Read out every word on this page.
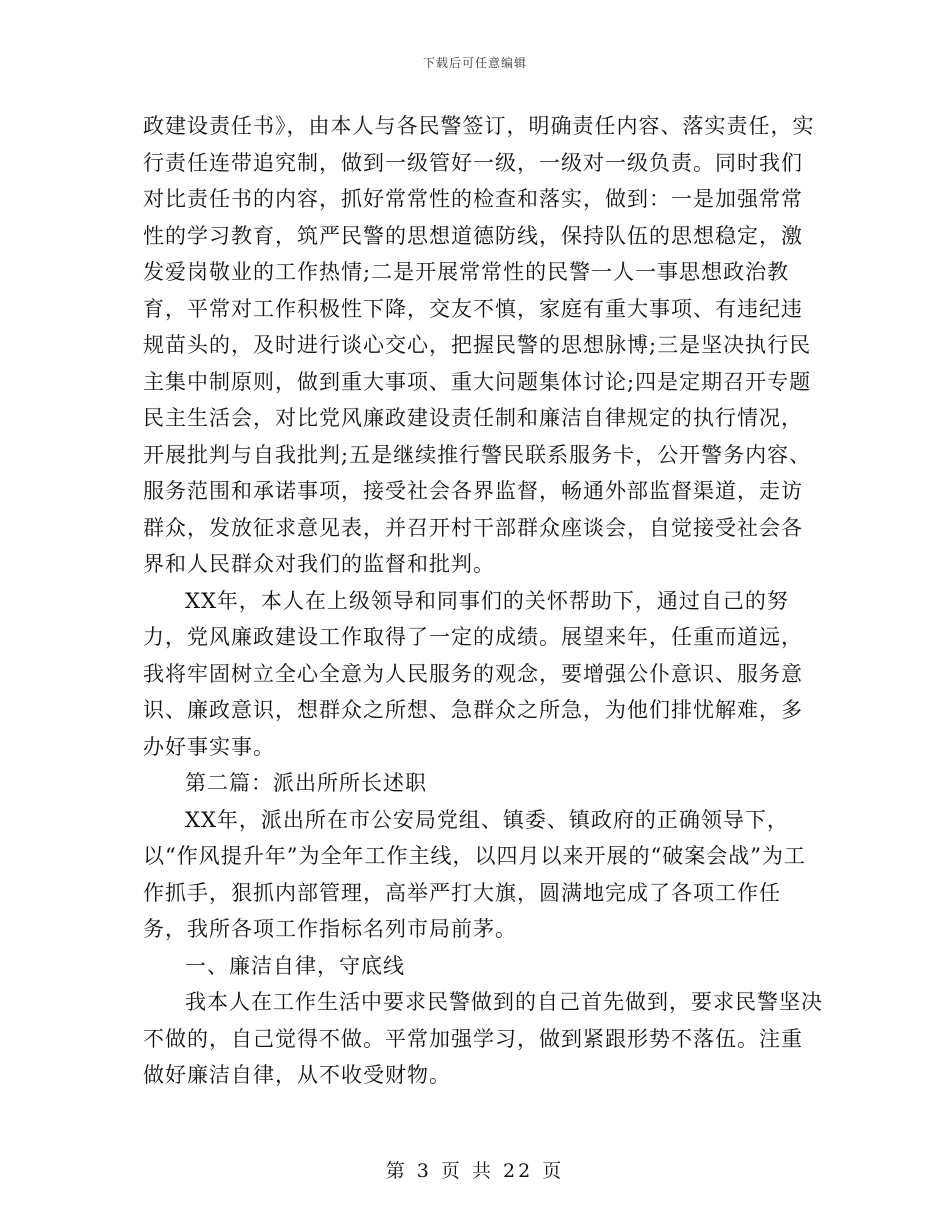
下载后可任意编辑

政建设责任书》，由本人与各民警签订，明确责任内容、落实责任，实行责任连带追究制，做到一级管好一级，一级对一级负责。同时我们对比责任书的内容，抓好常常性的检查和落实，做到：一是加强常常性的学习教育，筑严民警的思想道德防线，保持队伍的思想稳定，激发爱岗敬业的工作热情;二是开展常常性的民警一人一事思想政治教育，平常对工作积极性下降，交友不慎，家庭有重大事项、有违纪违规苗头的，及时进行谈心交心，把握民警的思想脉博;三是坚决执行民主集中制原则，做到重大事项、重大问题集体讨论;四是定期召开专题民主生活会，对比党风廉政建设责任制和廉洁自律规定的执行情况，开展批判与自我批判;五是继续推行警民联系服务卡，公开警务内容、服务范围和承诺事项，接受社会各界监督，畅通外部监督渠道，走访群众，发放征求意见表，并召开村干部群众座谈会，自觉接受社会各界和人民群众对我们的监督和批判。

XX年，本人在上级领导和同事们的关怀帮助下，通过自己的努力，党风廉政建设工作取得了一定的成绩。展望来年，任重而道远，我将牢固树立全心全意为人民服务的观念，要增强公仆意识、服务意识、廉政意识，想群众之所想、急群众之所急，为他们排忧解难，多办好事实事。

第二篇：派出所所长述职

XX年，派出所在市公安局党组、镇委、镇政府的正确领导下，以“作风提升年”为全年工作主线，以四月以来开展的“破案会战”为工作抓手，狠抓内部管理，高举严打大旗，圆满地完成了各项工作任务，我所各项工作指标名列市局前茅。

一、廉洁自律，守底线

我本人在工作生活中要求民警做到的自己首先做到，要求民警坚决不做的，自己觉得不做。平常加强学习，做到紧跟形势不落伍。注重做好廉洁自律，从不收受财物。

第 3 页 共 22 页
